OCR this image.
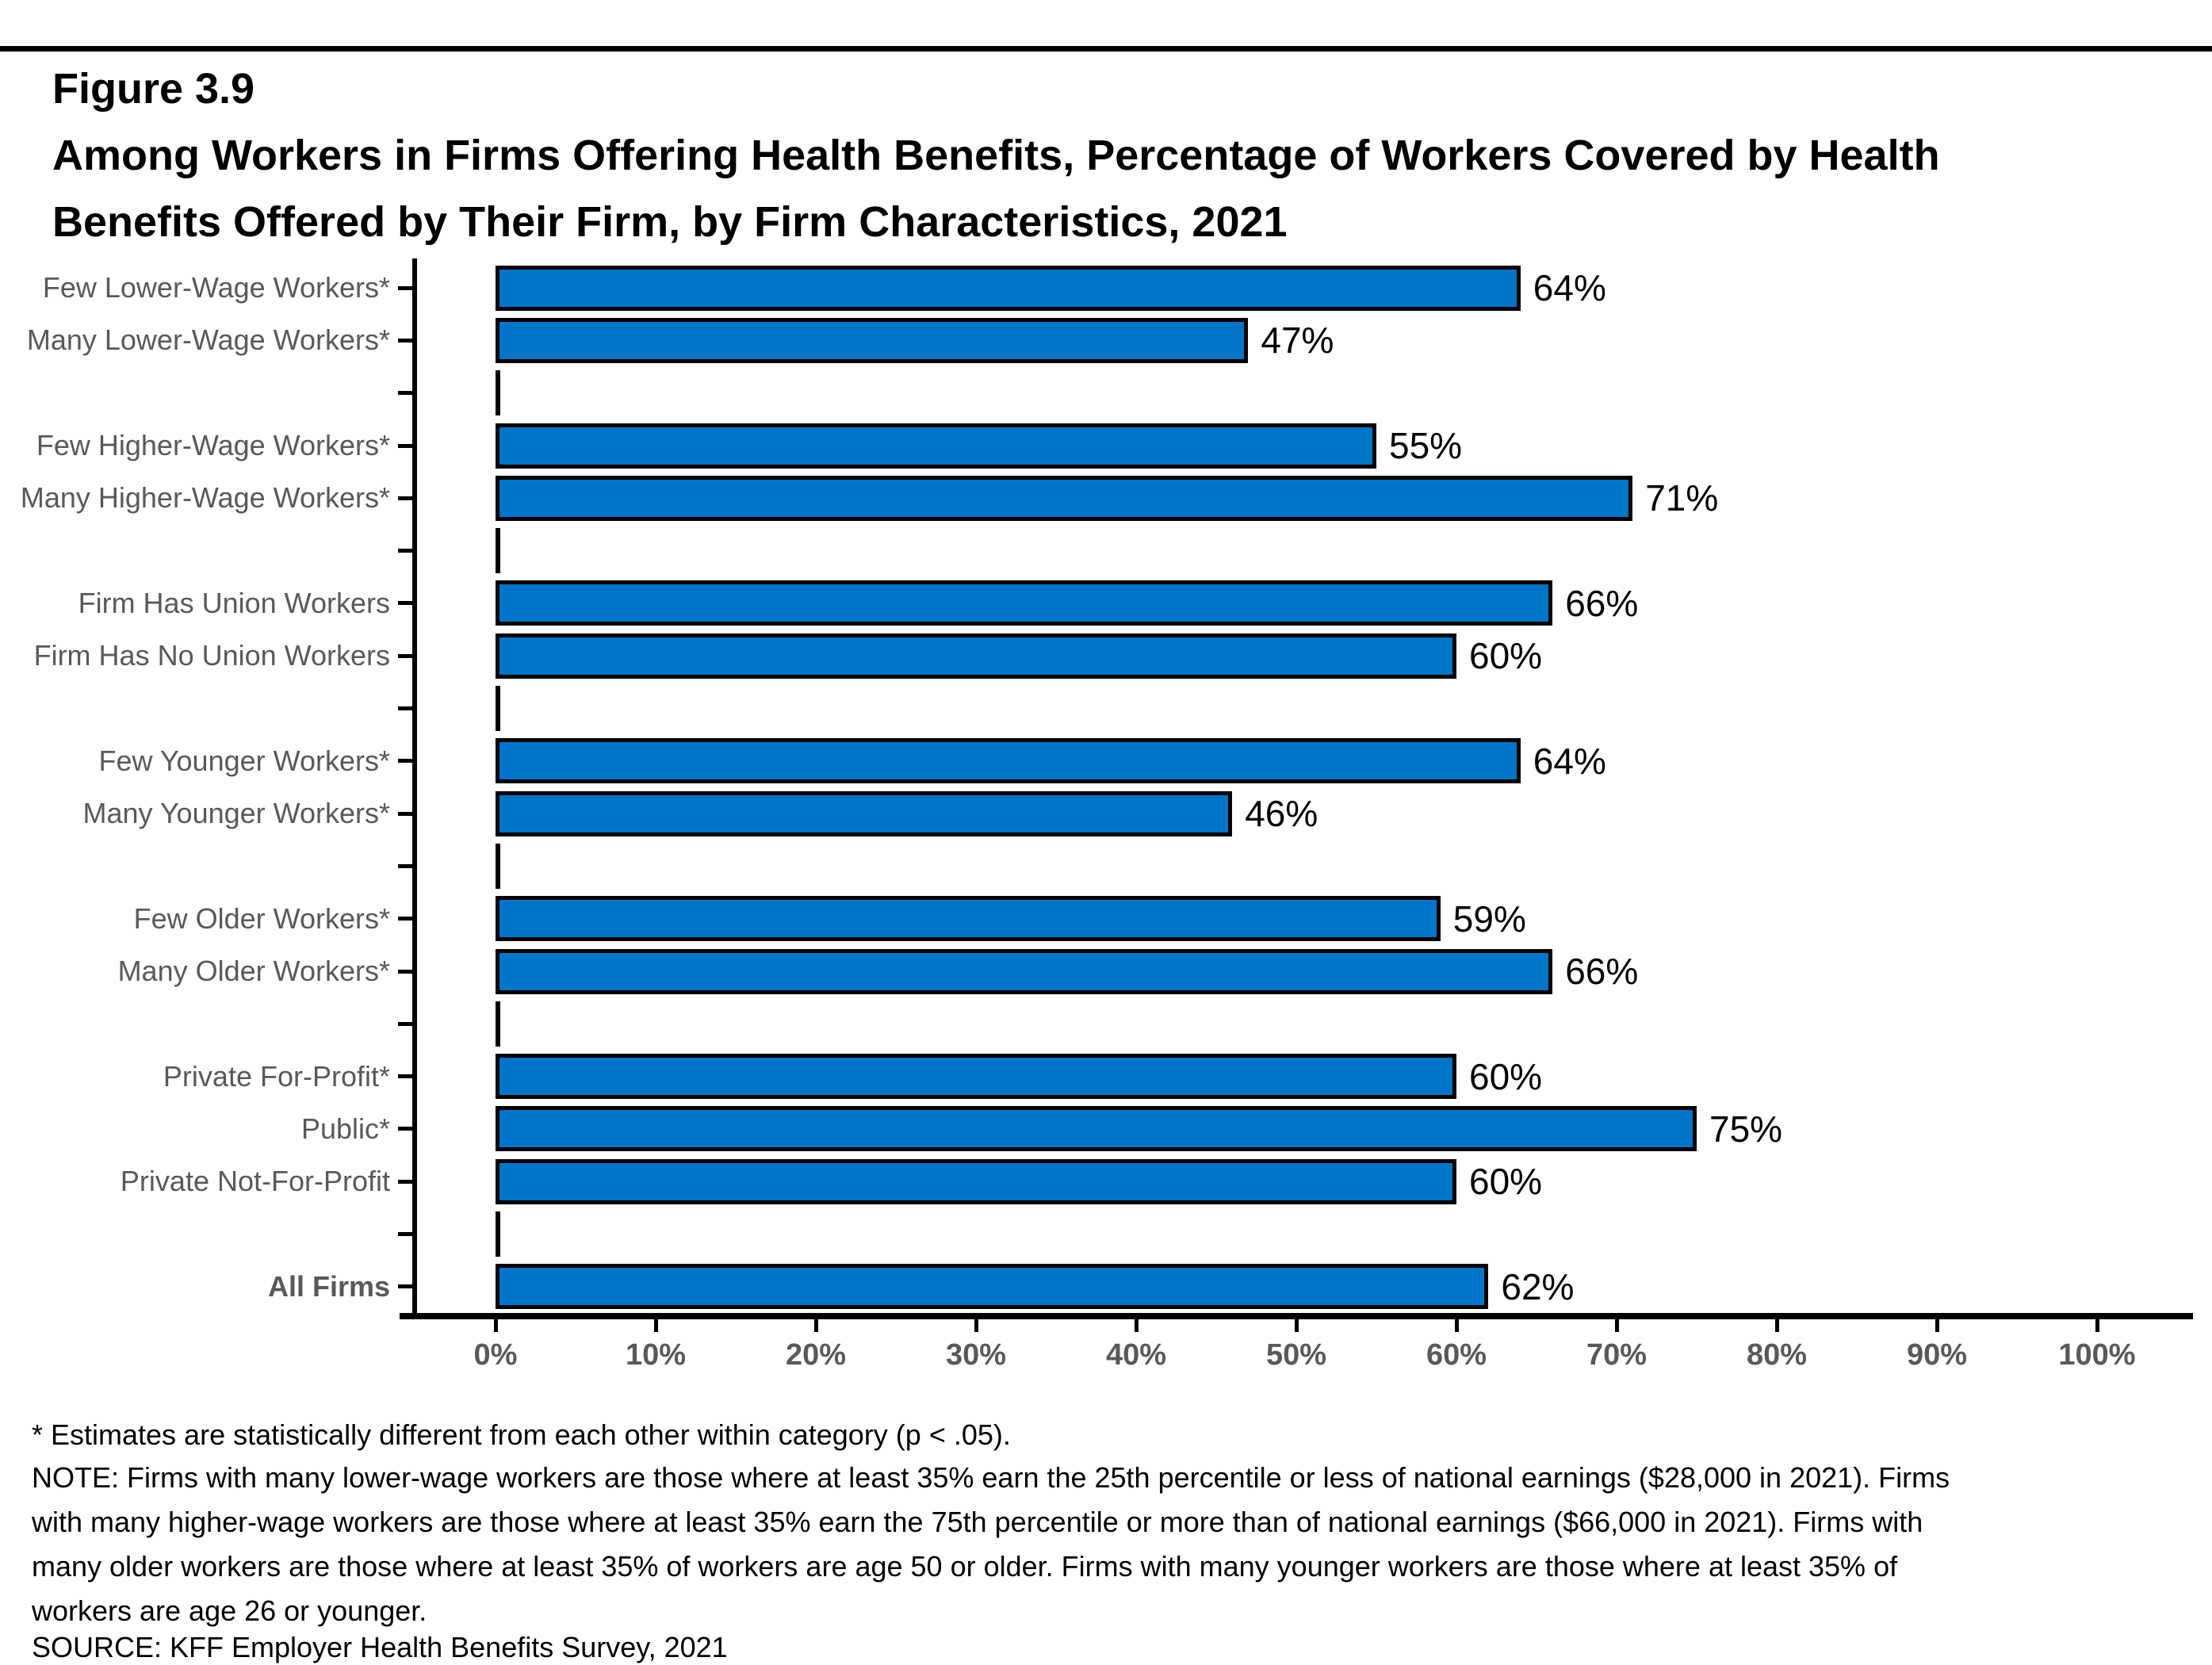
Figure 3.9
Among Workers in Firms Offering Health Benefits, Percentage of Workers Covered by Health
Benefits Offered by Their Firm, by Firm Characteristics, 2021
Few Lower-Wage Workers*	64%
Many Lower-Wage Workers*	47%
Few Higher-Wage Workers*	55%
Many Higher-Wage Workers*	71%
Firm Has Union Workers	66%
Firm Has No Union Workers	60%
Few Younger Workers*	64%
Many Younger Workers*	46%
Few Older Workers*	59%
Many Older Workers*	66%
Private For-Profit*	60%
Public*	75%
Private Not-For-Profit	60%
All Firms	62%
0%	10%	20%	30%	40%	50%	60%	70%	80%	90%	100%
* Estimates are statistically different from each other within category (p < .05).
NOTE: Firms with many lower-wage workers are those where at least 35% earn the 25th percentile or less of national earnings ($28,000 in 2021). Firms
with many higher-wage workers are those where at least 35% earn the 75th percentile or more than of national earnings ($66,000 in 2021). Firms with
many older workers are those where at least 35% of workers are age 50 or older. Firms with many younger workers are those where at least 35% of
workers are age 26 or younger.
SOURCE: KFF Employer Health Benefits Survey, 2021
